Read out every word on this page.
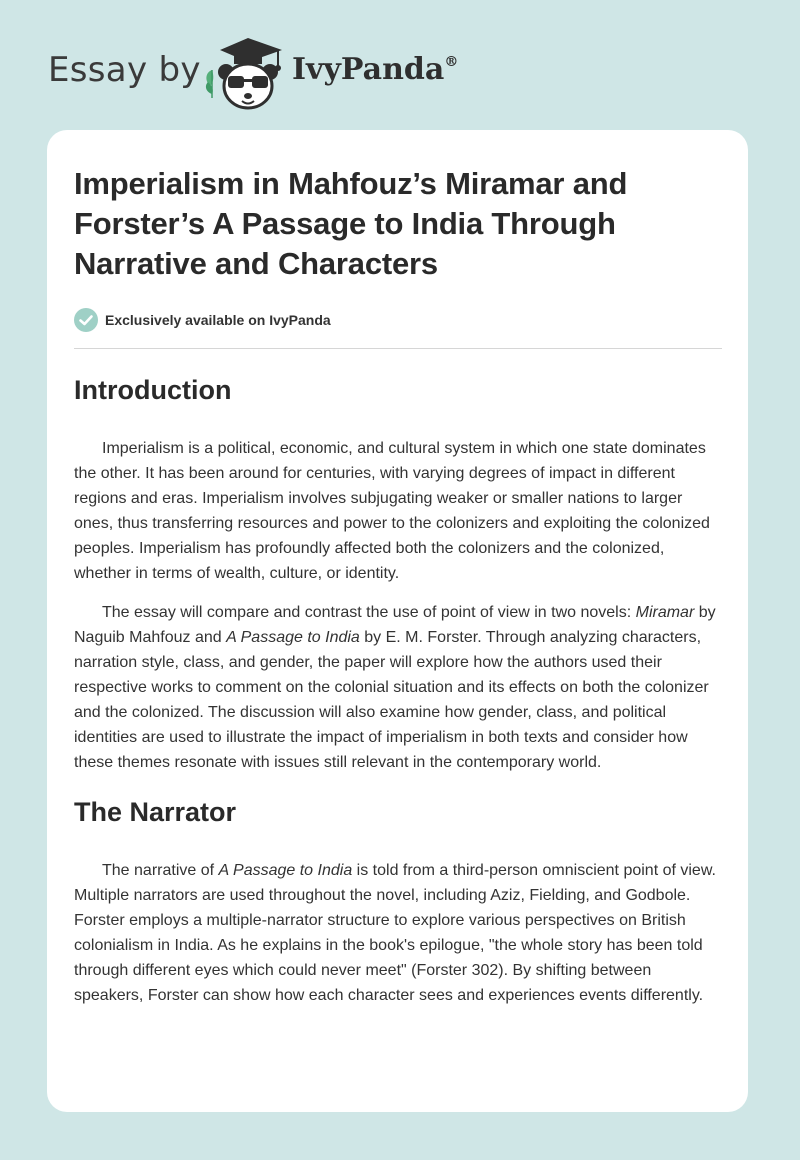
Essay by	IvyPanda®
Imperialism in Mahfouz’s Miramar and Forster’s A Passage to India Through Narrative and Characters
Exclusively available on IvyPanda
Introduction

Imperialism is a political, economic, and cultural system in which one state dominates the other. It has been around for centuries, with varying degrees of impact in different regions and eras. Imperialism involves subjugating weaker or smaller nations to larger ones, thus transferring resources and power to the colonizers and exploiting the colonized peoples. Imperialism has profoundly affected both the colonizers and the colonized, whether in terms of wealth, culture, or identity.

The essay will compare and contrast the use of point of view in two novels: Miramar by Naguib Mahfouz and A Passage to India by E. M. Forster. Through analyzing characters, narration style, class, and gender, the paper will explore how the authors used their respective works to comment on the colonial situation and its effects on both the colonizer and the colonized. The discussion will also examine how gender, class, and political identities are used to illustrate the impact of imperialism in both texts and consider how these themes resonate with issues still relevant in the contemporary world.

The Narrator

The narrative of A Passage to India is told from a third-person omniscient point of view. Multiple narrators are used throughout the novel, including Aziz, Fielding, and Godbole. Forster employs a multiple-narrator structure to explore various perspectives on British colonialism in India. As he explains in the book's epilogue, "the whole story has been told through different eyes which could never meet" (Forster 302). By shifting between speakers, Forster can show how each character sees and experiences events differently.
